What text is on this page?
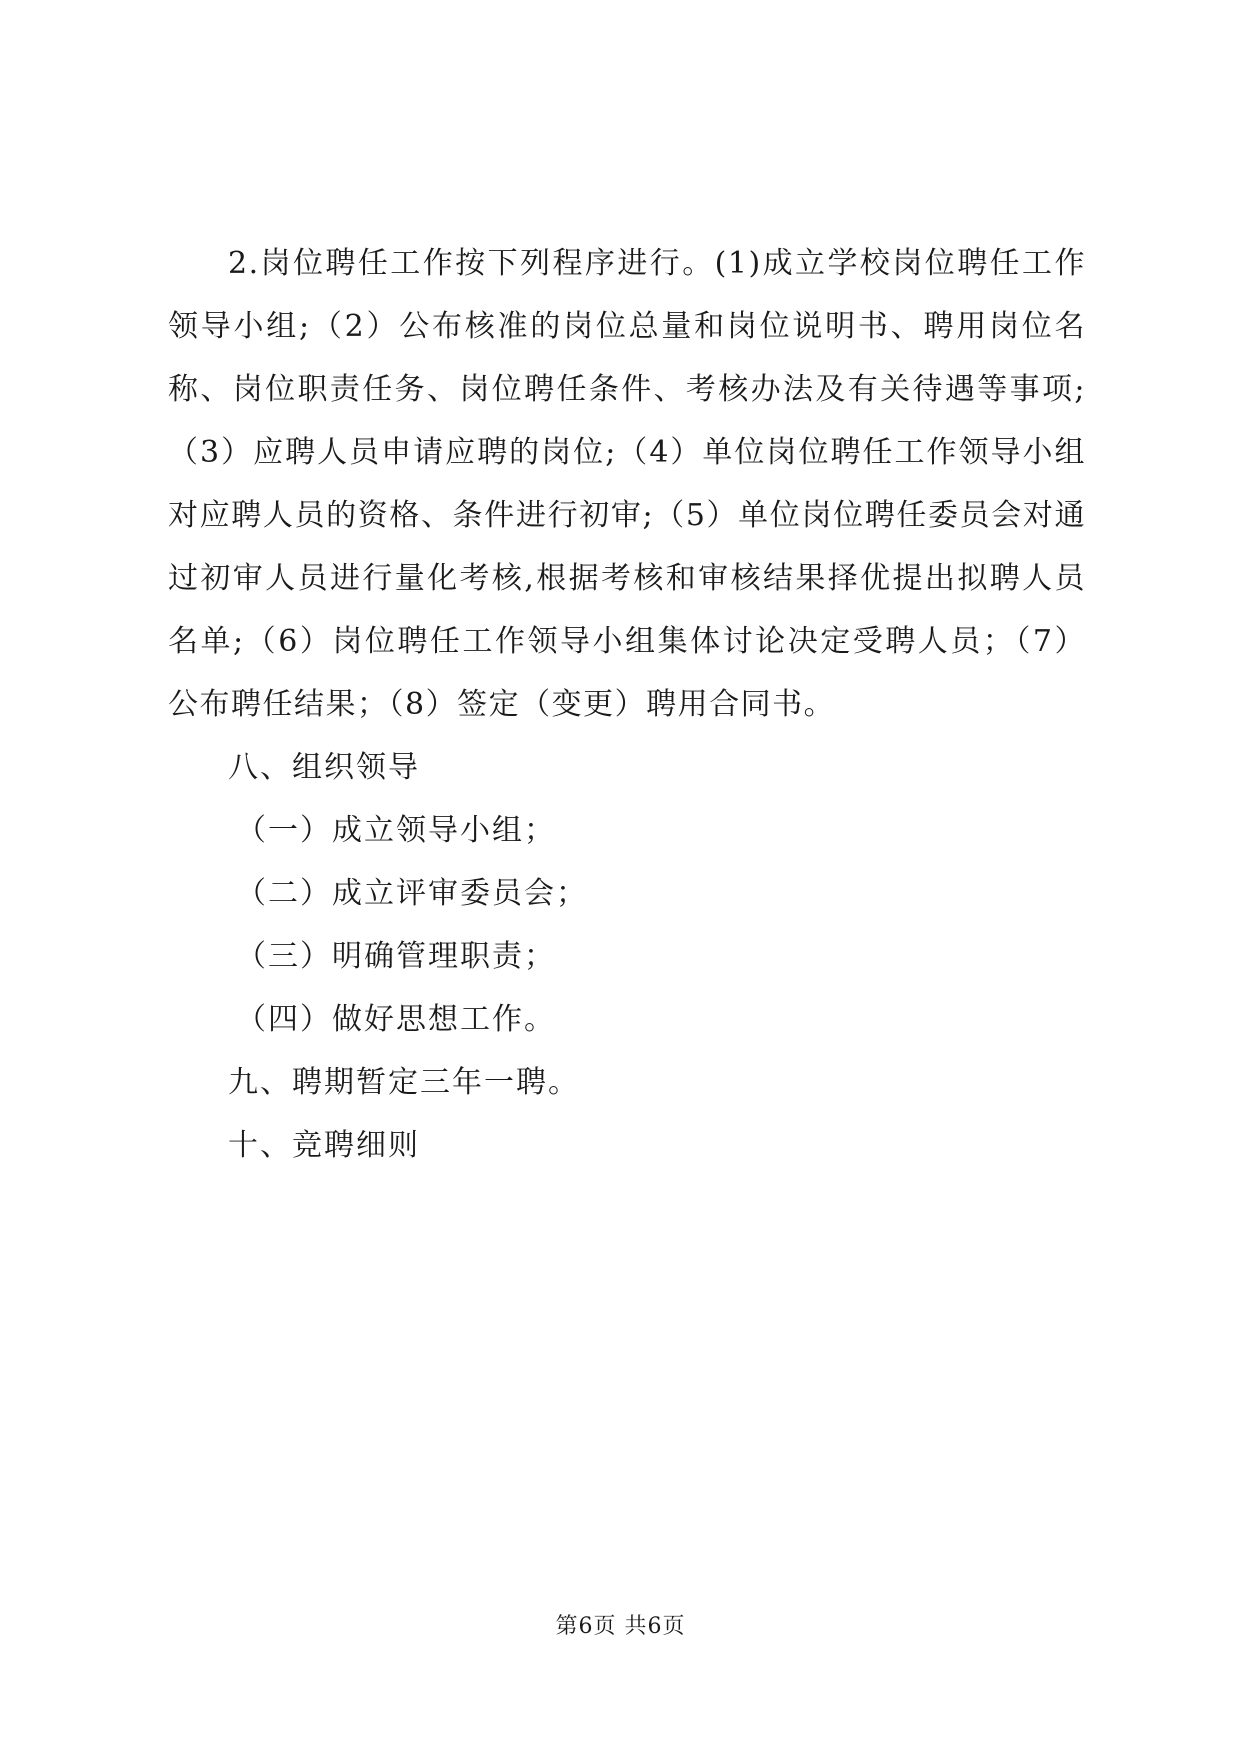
2.岗位聘任工作按下列程序进行。(1)成立学校岗位聘任工作领导小组;（2）公布核准的岗位总量和岗位说明书、聘用岗位名称、岗位职责任务、岗位聘任条件、考核办法及有关待遇等事项;（3）应聘人员申请应聘的岗位;（4）单位岗位聘任工作领导小组对应聘人员的资格、条件进行初审;（5）单位岗位聘任委员会对通过初审人员进行量化考核,根据考核和审核结果择优提出拟聘人员名单;（6）岗位聘任工作领导小组集体讨论决定受聘人员；（7）公布聘任结果；（8）签定（变更）聘用合同书。

八、组织领导

（一）成立领导小组；

（二）成立评审委员会；

（三）明确管理职责；

（四）做好思想工作。

九、聘期暂定三年一聘。

十、竞聘细则

第6页 共6页
